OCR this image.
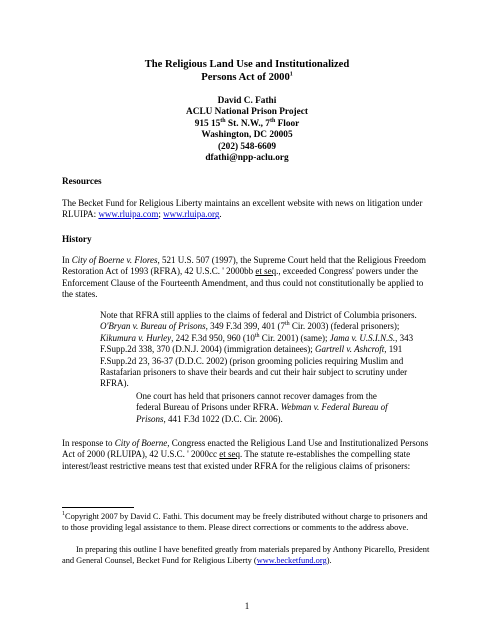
The Religious Land Use and Institutionalized
Persons Act of 2000$^1$
David C. Fathi
ACLU National Prison Project
915 15th St. N.W., 7th Floor
Washington, DC 20005
(202) 548-6609
dfathi@npp-aclu.org
Resources

The Becket Fund for Religious Liberty maintains an excellent website with news on litigation under RLUIPA: www.rluipa.com; www.rluipa.org.

History

In City of Boerne v. Flores, 521 U.S. 507 (1997), the Supreme Court held that the Religious Freedom Restoration Act of 1993 (RFRA), 42 U.S.C. ' 2000bb et seq., exceeded Congress' powers under the Enforcement Clause of the Fourteenth Amendment, and thus could not constitutionally be applied to the states.

Note that RFRA still applies to the claims of federal and District of Columbia prisoners. O'Bryan v. Bureau of Prisons, 349 F.3d 399, 401 (7th Cir. 2003) (federal prisoners); Kikumura v. Hurley, 242 F.3d 950, 960 (10th Cir. 2001) (same); Jama v. U.S.I.N.S., 343 F.Supp.2d 338, 370 (D.N.J. 2004) (immigration detainees); Gartrell v. Ashcroft, 191 F.Supp.2d 23, 36-37 (D.D.C. 2002) (prison grooming policies requiring Muslim and Rastafarian prisoners to shave their beards and cut their hair subject to scrutiny under RFRA).

One court has held that prisoners cannot recover damages from the federal Bureau of Prisons under RFRA. Webman v. Federal Bureau of Prisons, 441 F.3d 1022 (D.C. Cir. 2006).

In response to City of Boerne, Congress enacted the Religious Land Use and Institutionalized Persons Act of 2000 (RLUIPA), 42 U.S.C. ' 2000cc et seq. The statute re-establishes the compelling state interest/least restrictive means test that existed under RFRA for the religious claims of prisoners:

$^1$Copyright 2007 by David C. Fathi. This document may be freely distributed without charge to prisoners and to those providing legal assistance to them. Please direct corrections or comments to the address above.

In preparing this outline I have benefited greatly from materials prepared by Anthony Picarello, President and General Counsel, Becket Fund for Religious Liberty (www.becketfund.org).

1
